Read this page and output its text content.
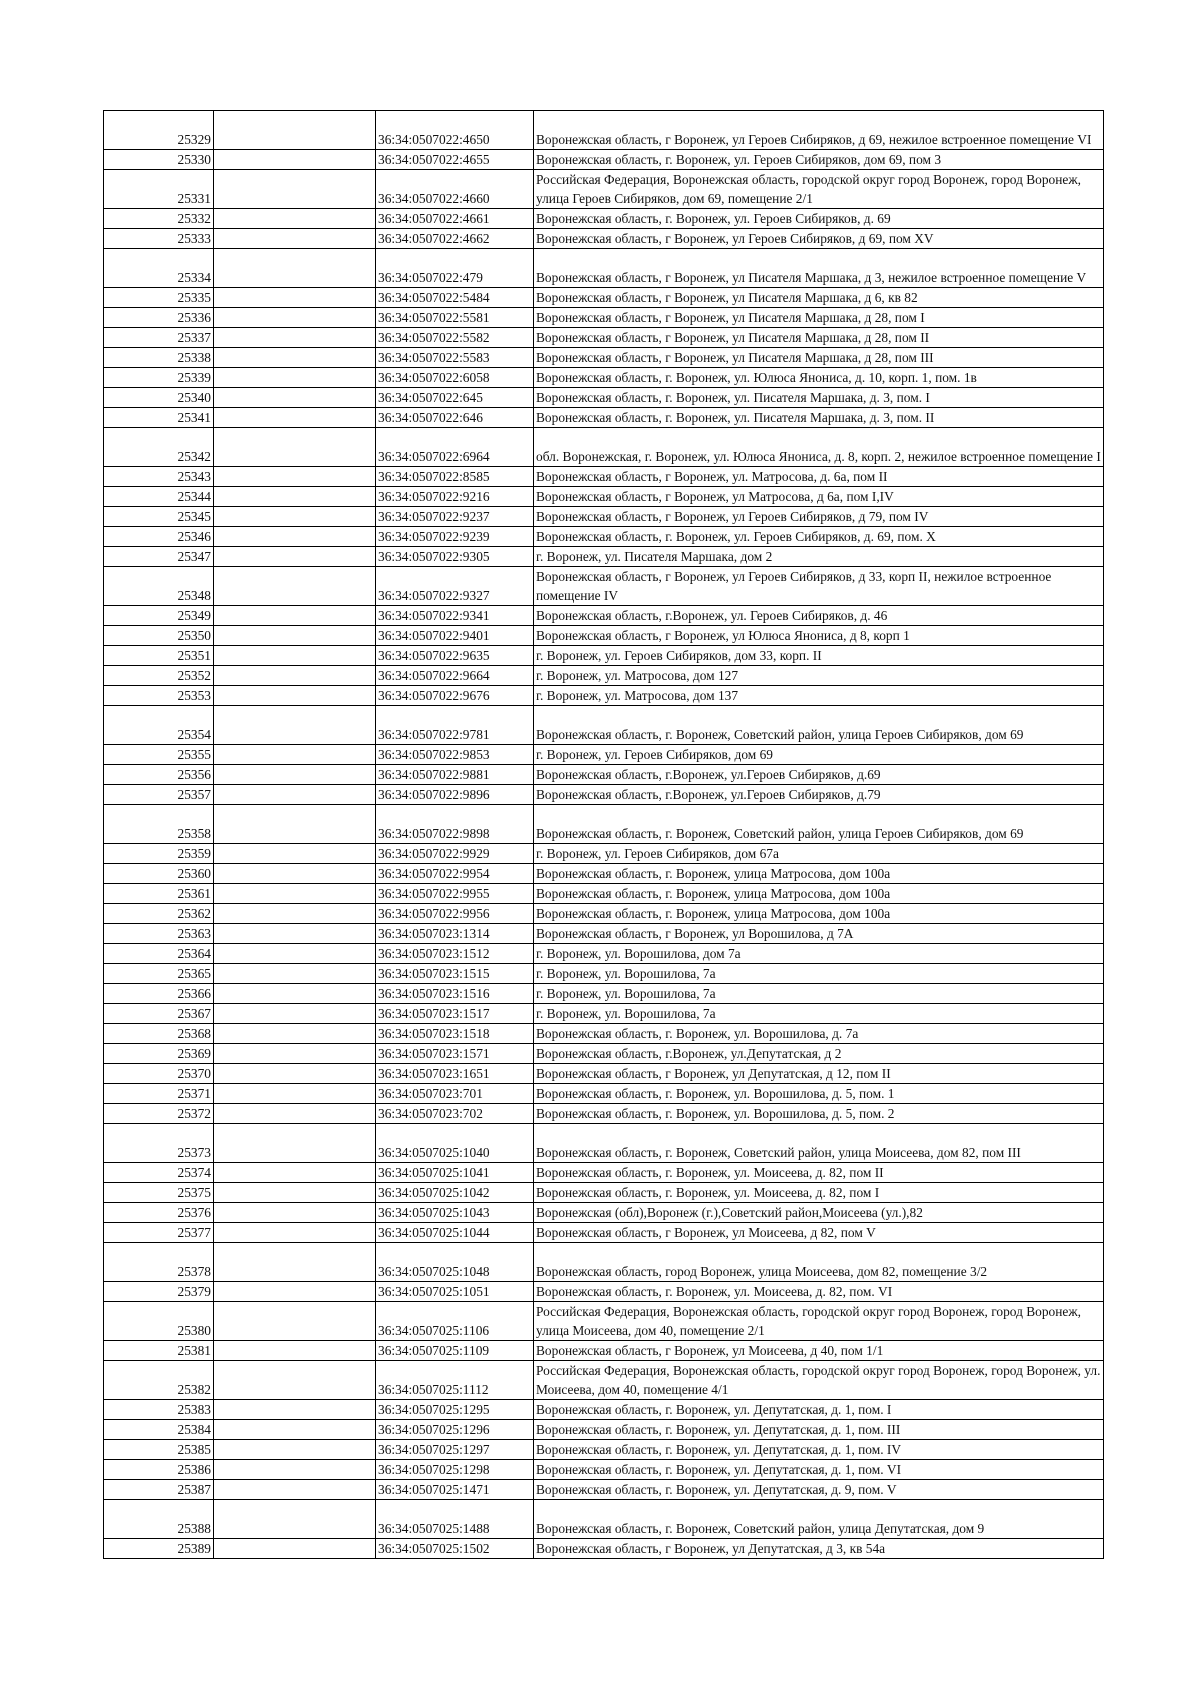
25329		36:34:0507022:4650	Воронежская область, г Воронеж, ул Героев Сибиряков, д 69, нежилое встроенное помещение VI
25330		36:34:0507022:4655	Воронежская область, г. Воронеж, ул. Героев Сибиряков, дом 69, пом 3
25331		36:34:0507022:4660	Российская Федерация, Воронежская область, городской округ город Воронеж, город Воронеж, улица Героев Сибиряков, дом 69, помещение 2/1
25332		36:34:0507022:4661	Воронежская область, г. Воронеж, ул. Героев Сибиряков, д. 69
25333		36:34:0507022:4662	Воронежская область, г Воронеж, ул Героев Сибиряков, д 69, пом XV
25334		36:34:0507022:479	Воронежская область, г Воронеж, ул Писателя Маршака, д 3, нежилое встроенное помещение V
25335		36:34:0507022:5484	Воронежская область, г Воронеж, ул Писателя Маршака, д 6, кв 82
25336		36:34:0507022:5581	Воронежская область, г Воронеж, ул Писателя Маршака, д 28, пом I
25337		36:34:0507022:5582	Воронежская область, г Воронеж, ул Писателя Маршака, д 28, пом II
25338		36:34:0507022:5583	Воронежская область, г Воронеж, ул Писателя Маршака, д 28, пом III
25339		36:34:0507022:6058	Воронежская область, г. Воронеж, ул. Юлюса Янониса, д. 10, корп. 1, пом. 1в
25340		36:34:0507022:645	Воронежская область, г. Воронеж, ул. Писателя Маршака, д. 3, пом. I
25341		36:34:0507022:646	Воронежская область, г. Воронеж, ул. Писателя Маршака, д. 3, пом. II
25342		36:34:0507022:6964	обл. Воронежская, г. Воронеж, ул. Юлюса Янониса, д. 8, корп. 2, нежилое встроенное помещение I
25343		36:34:0507022:8585	Воронежская область, г Воронеж, ул. Матросова, д. 6а, пом II
25344		36:34:0507022:9216	Воронежская область, г Воронеж, ул Матросова, д 6а, пом I,IV
25345		36:34:0507022:9237	Воронежская область, г Воронеж, ул Героев Сибиряков, д 79, пом IV
25346		36:34:0507022:9239	Воронежская область, г. Воронеж, ул. Героев Сибиряков, д. 69, пом. X
25347		36:34:0507022:9305	г. Воронеж, ул. Писателя Маршака, дом 2
25348		36:34:0507022:9327	Воронежская область, г Воронеж, ул Героев Сибиряков, д 33, корп II, нежилое встроенное помещение IV
25349		36:34:0507022:9341	Воронежская область, г.Воронеж, ул. Героев Сибиряков, д. 46
25350		36:34:0507022:9401	Воронежская область, г Воронеж, ул Юлюса Янониса, д 8, корп 1
25351		36:34:0507022:9635	г. Воронеж, ул. Героев Сибиряков, дом 33, корп. II
25352		36:34:0507022:9664	г. Воронеж, ул. Матросова, дом 127
25353		36:34:0507022:9676	г. Воронеж, ул. Матросова, дом 137
25354		36:34:0507022:9781	Воронежская область, г. Воронеж, Советский район, улица Героев Сибиряков, дом 69
25355		36:34:0507022:9853	г. Воронеж, ул. Героев Сибиряков, дом 69
25356		36:34:0507022:9881	Воронежская область, г.Воронеж, ул.Героев Сибиряков, д.69
25357		36:34:0507022:9896	Воронежская область, г.Воронеж, ул.Героев Сибиряков, д.79
25358		36:34:0507022:9898	Воронежская область, г. Воронеж, Советский район, улица Героев Сибиряков, дом 69
25359		36:34:0507022:9929	г. Воронеж, ул. Героев Сибиряков, дом 67а
25360		36:34:0507022:9954	Воронежская область, г. Воронеж, улица Матросова, дом 100а
25361		36:34:0507022:9955	Воронежская область, г. Воронеж, улица Матросова, дом 100а
25362		36:34:0507022:9956	Воронежская область, г. Воронеж, улица Матросова, дом 100а
25363		36:34:0507023:1314	Воронежская область, г Воронеж, ул Ворошилова, д 7А
25364		36:34:0507023:1512	г. Воронеж, ул. Ворошилова, дом 7а
25365		36:34:0507023:1515	г. Воронеж, ул. Ворошилова, 7а
25366		36:34:0507023:1516	г. Воронеж, ул. Ворошилова, 7а
25367		36:34:0507023:1517	г. Воронеж, ул. Ворошилова, 7а
25368		36:34:0507023:1518	Воронежская область, г. Воронеж, ул. Ворошилова, д. 7а
25369		36:34:0507023:1571	Воронежская область, г.Воронеж, ул.Депутатская, д 2
25370		36:34:0507023:1651	Воронежская область, г Воронеж, ул Депутатская, д 12, пом II
25371		36:34:0507023:701	Воронежская область, г. Воронеж, ул. Ворошилова, д. 5, пом. 1
25372		36:34:0507023:702	Воронежская область, г. Воронеж, ул. Ворошилова, д. 5, пом. 2
25373		36:34:0507025:1040	Воронежская область, г. Воронеж, Советский район, улица Моисеева, дом 82, пом III
25374		36:34:0507025:1041	Воронежская область, г. Воронеж, ул. Моисеева, д. 82, пом II
25375		36:34:0507025:1042	Воронежская область, г. Воронеж, ул. Моисеева, д. 82, пом I
25376		36:34:0507025:1043	Воронежская (обл),Воронеж (г.),Советский район,Моисеева (ул.),82
25377		36:34:0507025:1044	Воронежская область, г Воронеж, ул Моисеева, д 82, пом V
25378		36:34:0507025:1048	Воронежская область, город Воронеж, улица Моисеева, дом 82, помещение 3/2
25379		36:34:0507025:1051	Воронежская область, г. Воронеж, ул. Моисеева, д. 82, пом. VI
25380		36:34:0507025:1106	Российская Федерация, Воронежская область, городской округ город Воронеж, город Воронеж, улица Моисеева, дом 40, помещение 2/1
25381		36:34:0507025:1109	Воронежская область, г Воронеж, ул Моисеева, д 40, пом 1/1
25382		36:34:0507025:1112	Российская Федерация, Воронежская область, городской округ город Воронеж, город Воронеж, ул. Моисеева, дом 40, помещение 4/1
25383		36:34:0507025:1295	Воронежская область, г. Воронеж, ул. Депутатская, д. 1, пом. I
25384		36:34:0507025:1296	Воронежская область, г. Воронеж, ул. Депутатская, д. 1, пом. III
25385		36:34:0507025:1297	Воронежская область, г. Воронеж, ул. Депутатская, д. 1, пом. IV
25386		36:34:0507025:1298	Воронежская область, г. Воронеж, ул. Депутатская, д. 1, пом. VI
25387		36:34:0507025:1471	Воронежская область, г. Воронеж, ул. Депутатская, д. 9, пом. V
25388		36:34:0507025:1488	Воронежская область, г. Воронеж, Советский район, улица Депутатская, дом 9
25389		36:34:0507025:1502	Воронежская область, г Воронеж, ул Депутатская, д 3, кв 54а
